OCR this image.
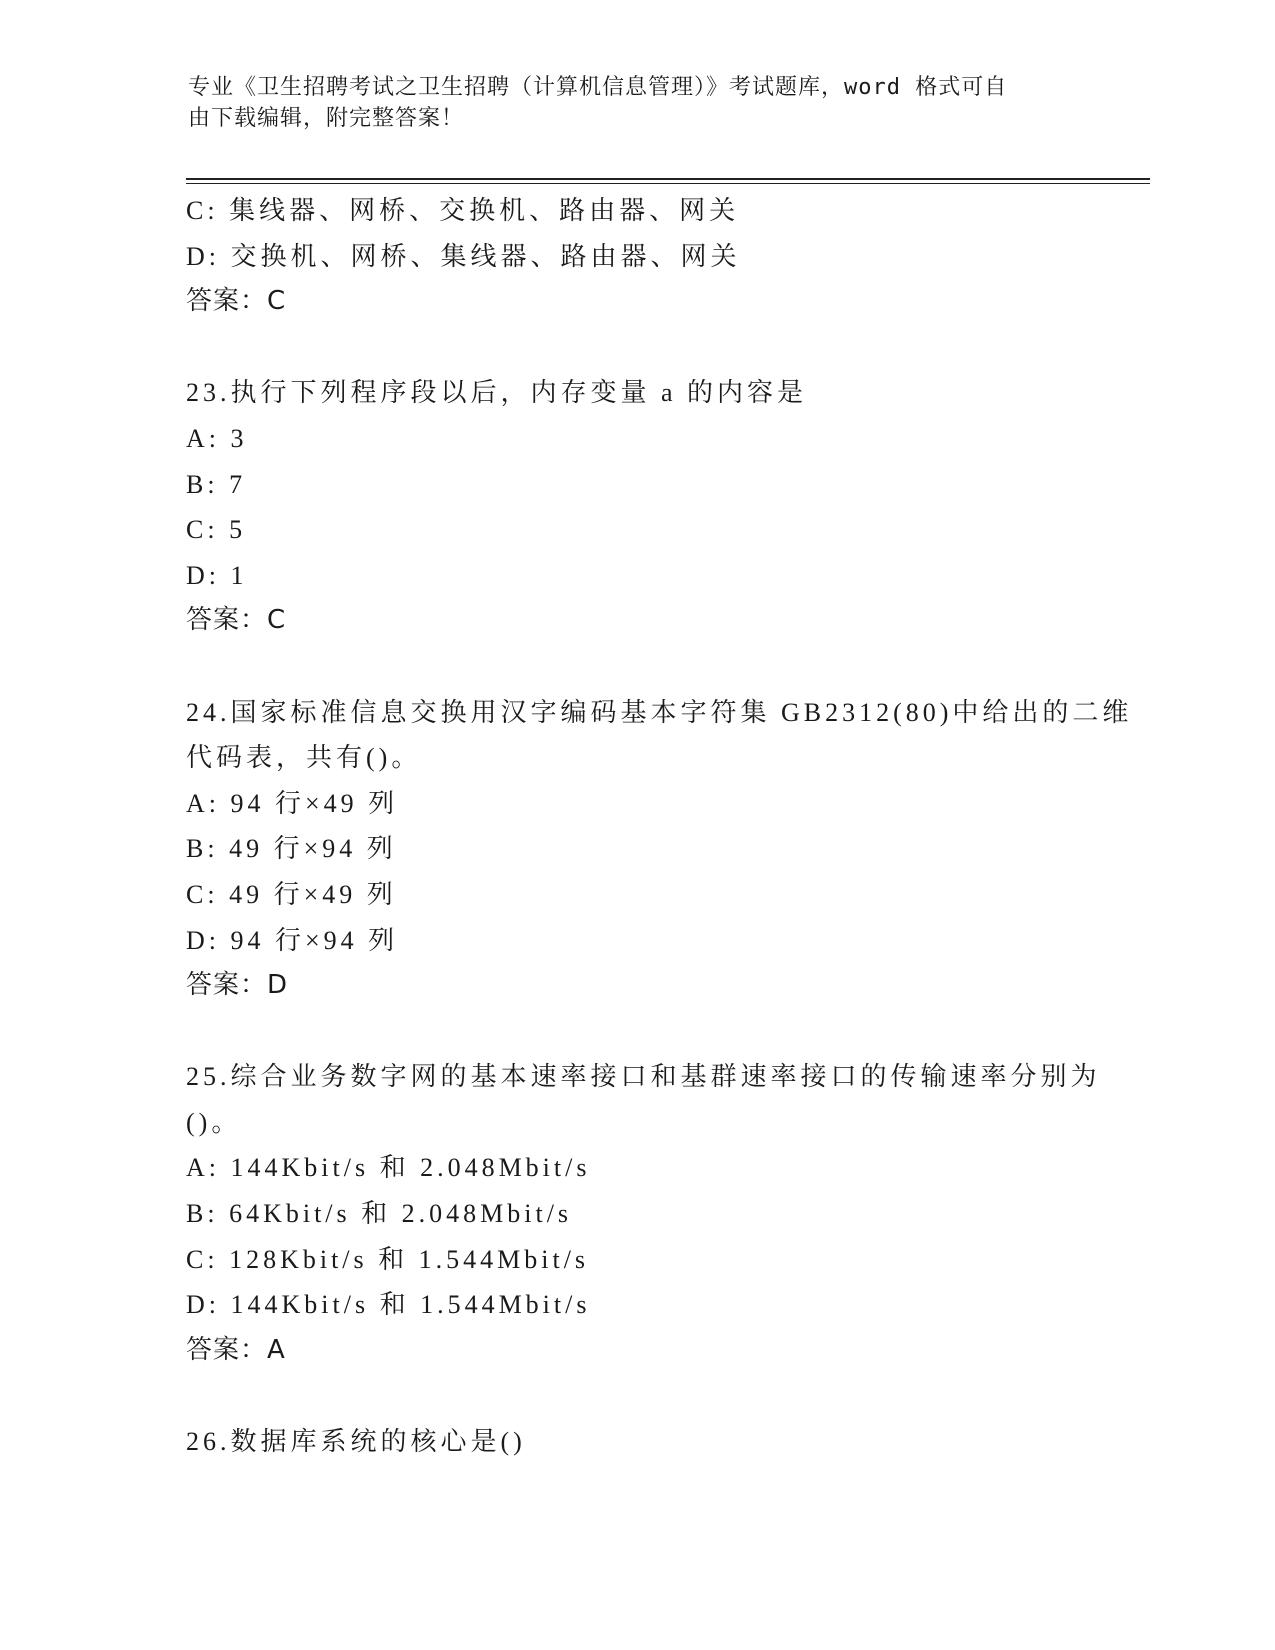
专业《卫生招聘考试之卫生招聘（计算机信息管理）》考试题库，word 格式可自
由下载编辑，附完整答案！
C: 集线器、网桥、交换机、路由器、网关
D: 交换机、网桥、集线器、路由器、网关
答案：C
23.执行下列程序段以后，内存变量 a 的内容是
A: 3
B: 7
C: 5
D: 1
答案：C
24.国家标准信息交换用汉字编码基本字符集 GB2312(80)中给出的二维
代码表，共有()。
A: 94 行×49 列
B: 49 行×94 列
C: 49 行×49 列
D: 94 行×94 列
答案：D
25.综合业务数字网的基本速率接口和基群速率接口的传输速率分别为
()。
A: 144Kbit/s 和 2.048Mbit/s
B: 64Kbit/s 和 2.048Mbit/s
C: 128Kbit/s 和 1.544Mbit/s
D: 144Kbit/s 和 1.544Mbit/s
答案：A
26.数据库系统的核心是()
